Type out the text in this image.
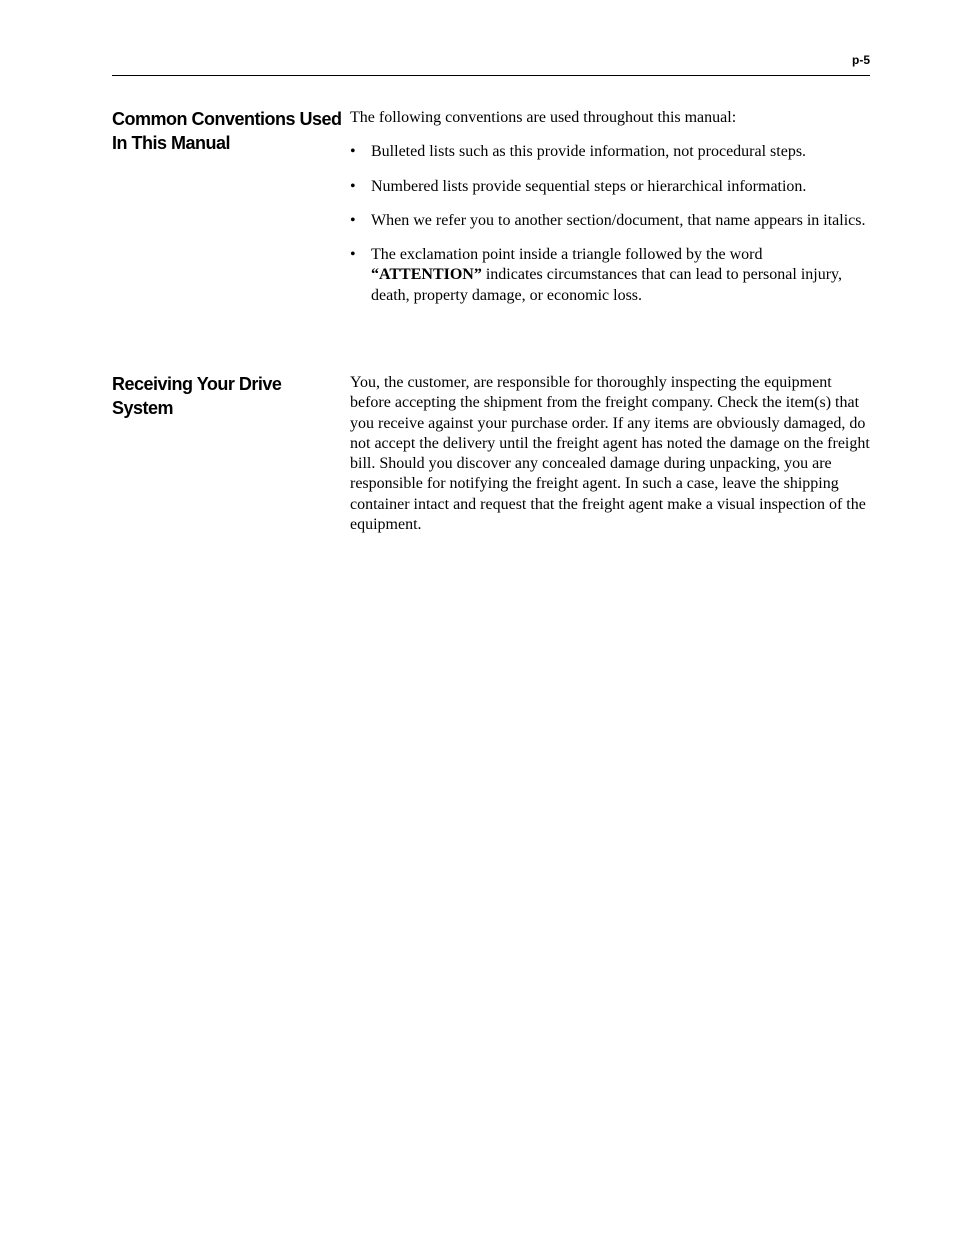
p-5
Common Conventions Used In This Manual

The following conventions are used throughout this manual:

• Bulleted lists such as this provide information, not procedural steps.
• Numbered lists provide sequential steps or hierarchical information.
• When we refer you to another section/document, that name appears in italics.
• The exclamation point inside a triangle followed by the word “ATTENTION” indicates circumstances that can lead to personal injury, death, property damage, or economic loss.
Receiving Your Drive System

You, the customer, are responsible for thoroughly inspecting the equipment before accepting the shipment from the freight company. Check the item(s) that you receive against your purchase order. If any items are obviously damaged, do not accept the delivery until the freight agent has noted the damage on the freight bill. Should you discover any concealed damage during unpacking, you are responsible for notifying the freight agent. In such a case, leave the shipping container intact and request that the freight agent make a visual inspection of the equipment.
